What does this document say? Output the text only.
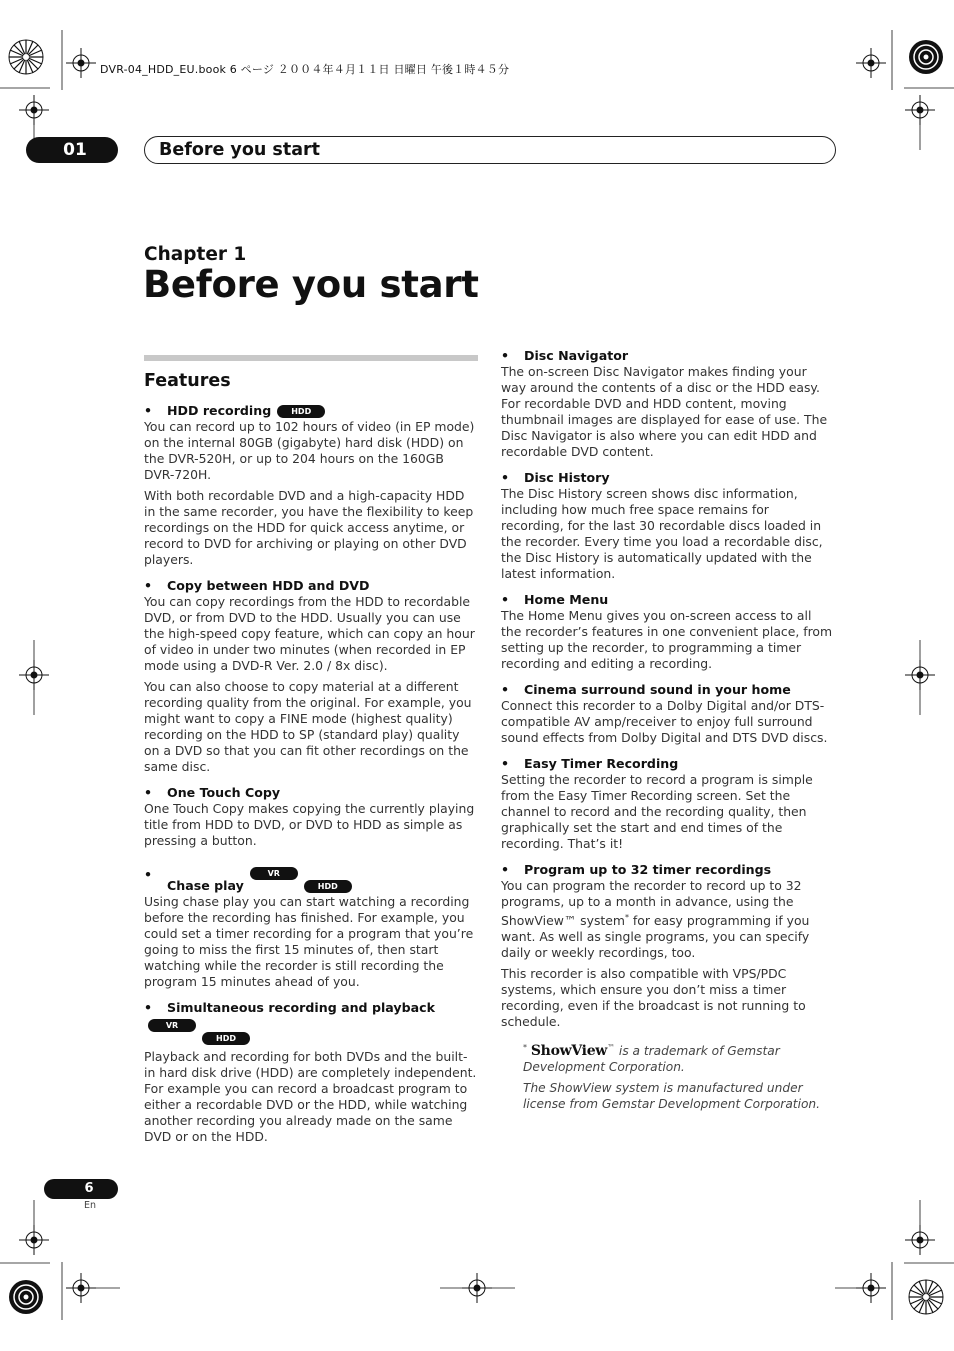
DVR-04_HDD_EU.book 6 ページ ２００４年４月１１日 日曜日 午後１時４５分
01	Before you start
Chapter 1
Before you start
Features
• HDD recording	HDD

You can record up to 102 hours of video (in EP mode) on the internal 80GB (gigabyte) hard disk (HDD) on the DVR-520H, or up to 204 hours on the 160GB DVR-720H.

With both recordable DVD and a high-capacity HDD in the same recorder, you have the flexibility to keep recordings on the HDD for quick access anytime, or record to DVD for archiving or playing on other DVD players.

• Copy between HDD and DVD

You can copy recordings from the HDD to recordable DVD, or from DVD to the HDD. Usually you can use the high-speed copy feature, which can copy an hour of video in under two minutes (when recorded in EP mode using a DVD-R Ver. 2.0 / 8x disc).

You can also choose to copy material at a different recording quality from the original. For example, you might want to copy a FINE mode (highest quality) recording on the HDD to SP (standard play) quality on a DVD so that you can fit other recordings on the same disc.

• One Touch Copy

One Touch Copy makes copying the currently playing title from HDD to DVD, or DVD to HDD as simple as pressing a button.

•
Chase playVR mode	HDD

Using chase play you can start watching a recording before the recording has finished. For example, you could set a timer recording for a program that you’re going to miss the first 15 minutes of, then start watching while the recorder is still recording the program 15 minutes ahead of you.

• Simultaneous recording and playback
VR mode	HDD

Playback and recording for both DVDs and the built-in hard disk drive (HDD) are completely independent. For example you can record a broadcast program to either a recordable DVD or the HDD, while watching another recording you already made on the same DVD or on the HDD.

• Disc Navigator

The on-screen Disc Navigator makes finding your way around the contents of a disc or the HDD easy. For recordable DVD and HDD content, moving thumbnail images are displayed for ease of use. The Disc Navigator is also where you can edit HDD and recordable DVD content.

• Disc History

The Disc History screen shows disc information, including how much free space remains for recording, for the last 30 recordable discs loaded in the recorder. Every time you load a recordable disc, the Disc History is automatically updated with the latest information.

• Home Menu

The Home Menu gives you on-screen access to all the recorder’s features in one convenient place, from setting up the recorder, to programming a timer recording and editing a recording.

• Cinema surround sound in your home

Connect this recorder to a Dolby Digital and/or DTS-compatible AV amp/receiver to enjoy full surround sound effects from Dolby Digital and DTS DVD discs.

• Easy Timer Recording

Setting the recorder to record a program is simple from the Easy Timer Recording screen. Set the channel to record and the recording quality, then graphically set the start and end times of the recording. That’s it!

• Program up to 32 timer recordings

You can program the recorder to record up to 32 programs, up to a month in advance, using the ShowView™ system* for easy programming if you want. As well as single programs, you can specify daily or weekly recordings, too.

This recorder is also compatible with VPS/PDC systems, which ensure you don’t miss a timer recording, even if the broadcast is not running to schedule.

* ShowView™ is a trademark of Gemstar Development Corporation.

The ShowView system is manufactured under license from Gemstar Development Corporation.

6
En
